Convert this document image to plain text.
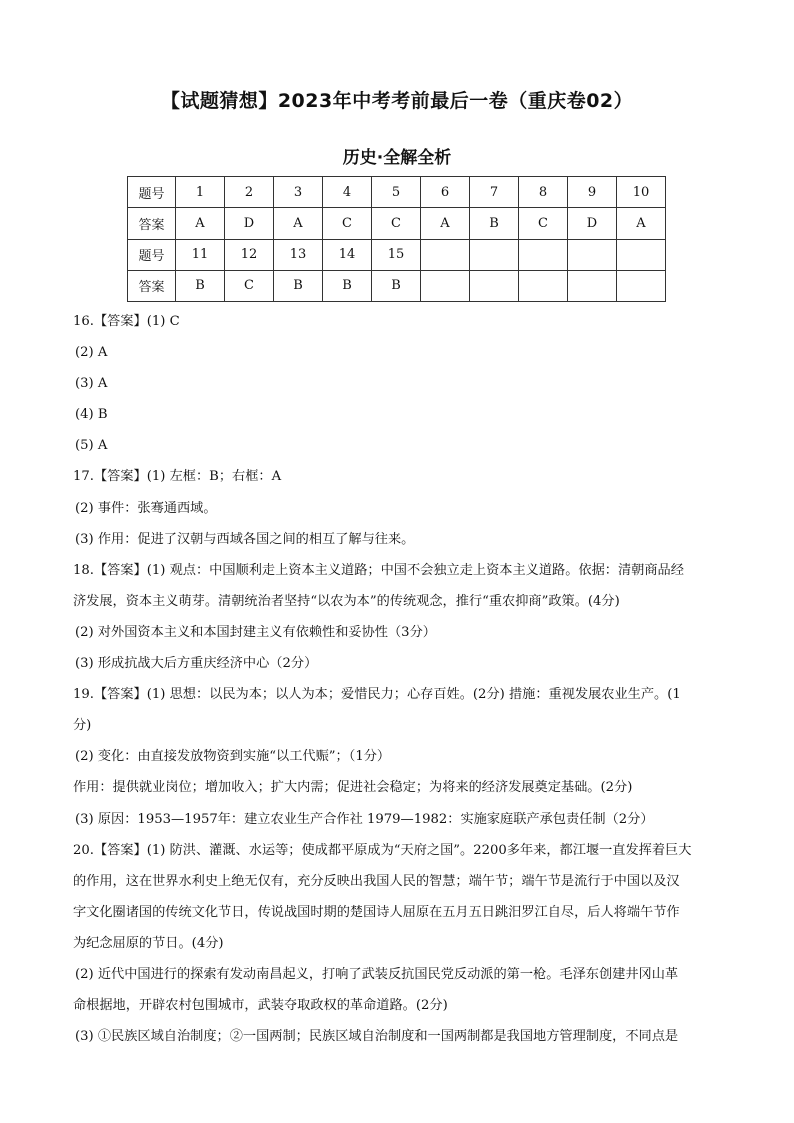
【试题猜想】2023年中考考前最后一卷（重庆卷02）
历史·全解全析
题号	1	2	3	4	5	6	7	8	9	10
答案	A	D	A	C	C	A	B	C	D	A
题号	11	12	13	14	15					
答案	B	C	B	B	B					

16.【答案】(1) C

(2) A

(3) A

(4) B

(5) A

17.【答案】(1) 左框：B；右框：A

(2) 事件：张骞通西域。

(3) 作用：促进了汉朝与西域各国之间的相互了解与往来。

18.【答案】(1) 观点：中国顺利走上资本主义道路；中国不会独立走上资本主义道路。依据：清朝商品经

济发展，资本主义萌芽。清朝统治者坚持“以农为本”的传统观念，推行“重农抑商”政策。(4分)

(2) 对外国资本主义和本国封建主义有依赖性和妥协性（3分）

(3) 形成抗战大后方重庆经济中心（2分）

19.【答案】(1) 思想：以民为本；以人为本；爱惜民力；心存百姓。(2分) 措施：重视发展农业生产。(1

分)

(2) 变化：由直接发放物资到实施“以工代赈”；（1分）

作用：提供就业岗位；增加收入；扩大内需；促进社会稳定；为将来的经济发展奠定基础。(2分)

(3) 原因：1953—1957年：建立农业生产合作社 1979—1982：实施家庭联产承包责任制（2分）

20.【答案】(1) 防洪、灌溉、水运等；使成都平原成为“天府之国”。2200多年来，都江堰一直发挥着巨大

的作用，这在世界水利史上绝无仅有，充分反映出我国人民的智慧；端午节；端午节是流行于中国以及汉

字文化圈诸国的传统文化节日，传说战国时期的楚国诗人屈原在五月五日跳汨罗江自尽，后人将端午节作

为纪念屈原的节日。(4分)

(2) 近代中国进行的探索有发动南昌起义，打响了武装反抗国民党反动派的第一枪。毛泽东创建井冈山革

命根据地，开辟农村包围城市，武装夺取政权的革命道路。(2分)

(3) ①民族区域自治制度；②一国两制；民族区域自治制度和一国两制都是我国地方管理制度，不同点是
